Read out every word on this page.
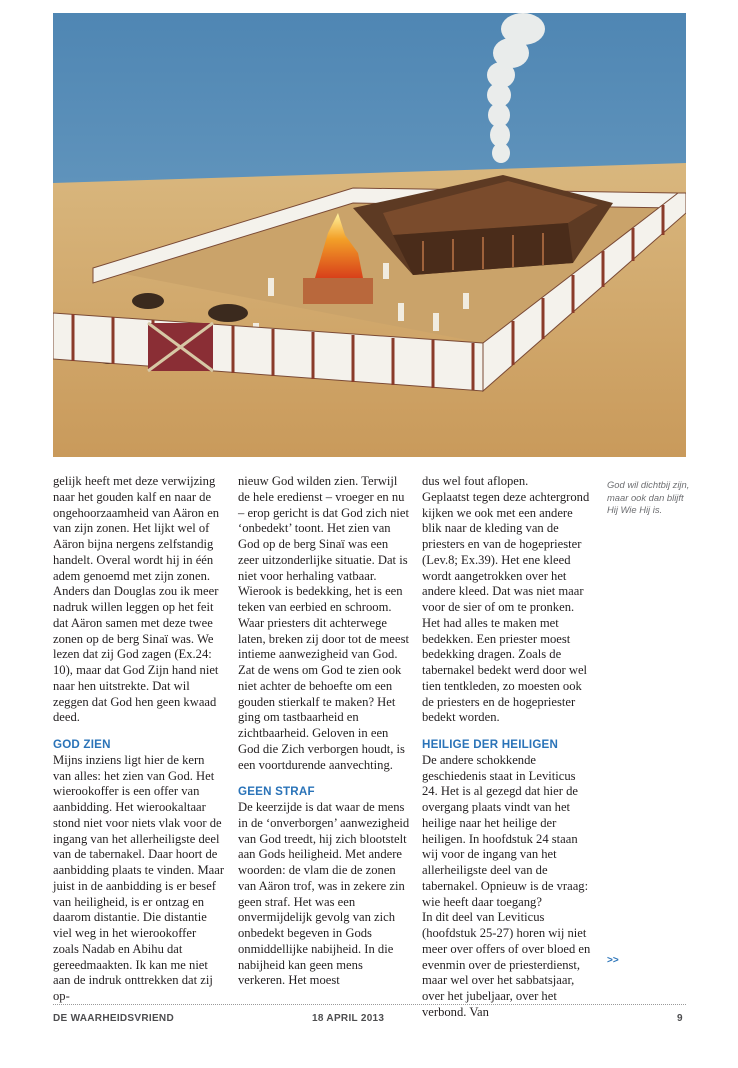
gelijk heeft met deze verwijzing naar het gouden kalf en naar de ongehoorzaamheid van Aäron en van zijn zonen. Het lijkt wel of Aäron bijna nergens zelfstandig handelt. Overal wordt hij in één adem genoemd met zijn zonen. Anders dan Douglas zou ik meer nadruk willen leggen op het feit dat Aäron samen met deze twee zonen op de berg Sinaï was. We lezen dat zij God zagen (Ex.24: 10), maar dat God Zijn hand niet naar hen uitstrekte. Dat wil zeggen dat God hen geen kwaad deed.

GOD ZIEN

Mijns inziens ligt hier de kern van alles: het zien van God. Het wierookoffer is een offer van aanbidding. Het wierookaltaar stond niet voor niets vlak voor de ingang van het allerheiligste deel van de tabernakel. Daar hoort de aanbidding plaats te vinden. Maar juist in de aanbidding is er besef van heiligheid, is er ontzag en daarom distantie. Die distantie viel weg in het wierookoffer zoals Nadab en Abihu dat gereedmaakten. Ik kan me niet aan de indruk onttrekken dat zij op-

nieuw God wilden zien. Terwijl de hele eredienst – vroeger en nu – erop gericht is dat God zich niet ‘onbedekt’ toont. Het zien van God op de berg Sinaï was een zeer uitzonderlijke situatie. Dat is niet voor herhaling vatbaar.

Wierook is bedekking, het is een teken van eerbied en schroom. Waar priesters dit achterwege laten, breken zij door tot de meest intieme aanwezigheid van God. Zat de wens om God te zien ook niet achter de behoefte om een gouden stierkalf te maken? Het ging om tastbaarheid en zichtbaarheid. Geloven in een God die Zich verborgen houdt, is een voortdurende aanvechting.

GEEN STRAF

De keerzijde is dat waar de mens in de ‘onverborgen’ aanwezigheid van God treedt, hij zich blootstelt aan Gods heiligheid. Met andere woorden: de vlam die de zonen van Aäron trof, was in zekere zin geen straf. Het was een onvermijdelijk gevolg van zich onbedekt begeven in Gods onmiddellijke nabijheid. In die nabijheid kan geen mens verkeren. Het moest

dus wel fout aflopen.

Geplaatst tegen deze achtergrond kijken we ook met een andere blik naar de kleding van de priesters en van de hogepriester (Lev.8; Ex.39). Het ene kleed wordt aangetrokken over het andere kleed. Dat was niet maar voor de sier of om te pronken. Het had alles te maken met bedekken. Een priester moest bedekking dragen. Zoals de tabernakel bedekt werd door wel tien tentkleden, zo moesten ook de priesters en de hogepriester bedekt worden.

HEILIGE DER HEILIGEN

De andere schokkende geschiedenis staat in Leviticus 24. Het is al gezegd dat hier de overgang plaats vindt van het heilige naar het heilige der heiligen. In hoofdstuk 24 staan wij voor de ingang van het allerheiligste deel van de tabernakel. Opnieuw is de vraag: wie heeft daar toegang?

In dit deel van Leviticus (hoofdstuk 25-27) horen wij niet meer over offers of over bloed en evenmin over de priesterdienst, maar wel over het sabbatsjaar, over het jubeljaar, over het verbond. Van

God wil dichtbij zijn, maar ook dan blijft Hij Wie Hij is.
>>
DE WAARHEIDSVRIEND	18 APRIL 2013	9
